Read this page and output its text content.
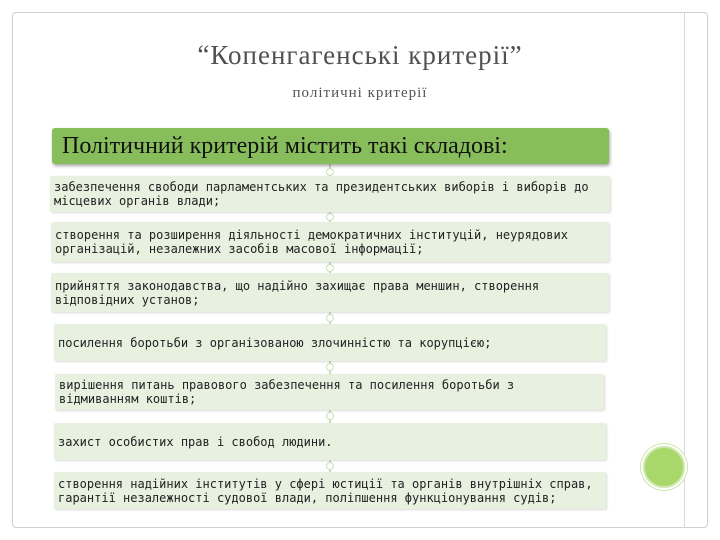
“Копенгагенські критерії”
політичні критерії
Політичний критерій містить такі складові:
забезпечення свободи парламентських та президентських виборів і виборів до місцевих органів влади;
створення та розширення діяльності демократичних інституцій, неурядових організацій, незалежних засобів масової інформації;
прийняття законодавства, що надійно захищає права меншин, створення відповідних установ;
посилення боротьби з організованою злочинністю та корупцією;
вирішення питань правового забезпечення та посилення боротьби з відмиванням коштів;
захист особистих прав і свобод людини.
створення надійних інститутів у сфері юстиції та органів внутрішніх справ, гарантії незалежності судової влади, поліпшення функціонування судів;
